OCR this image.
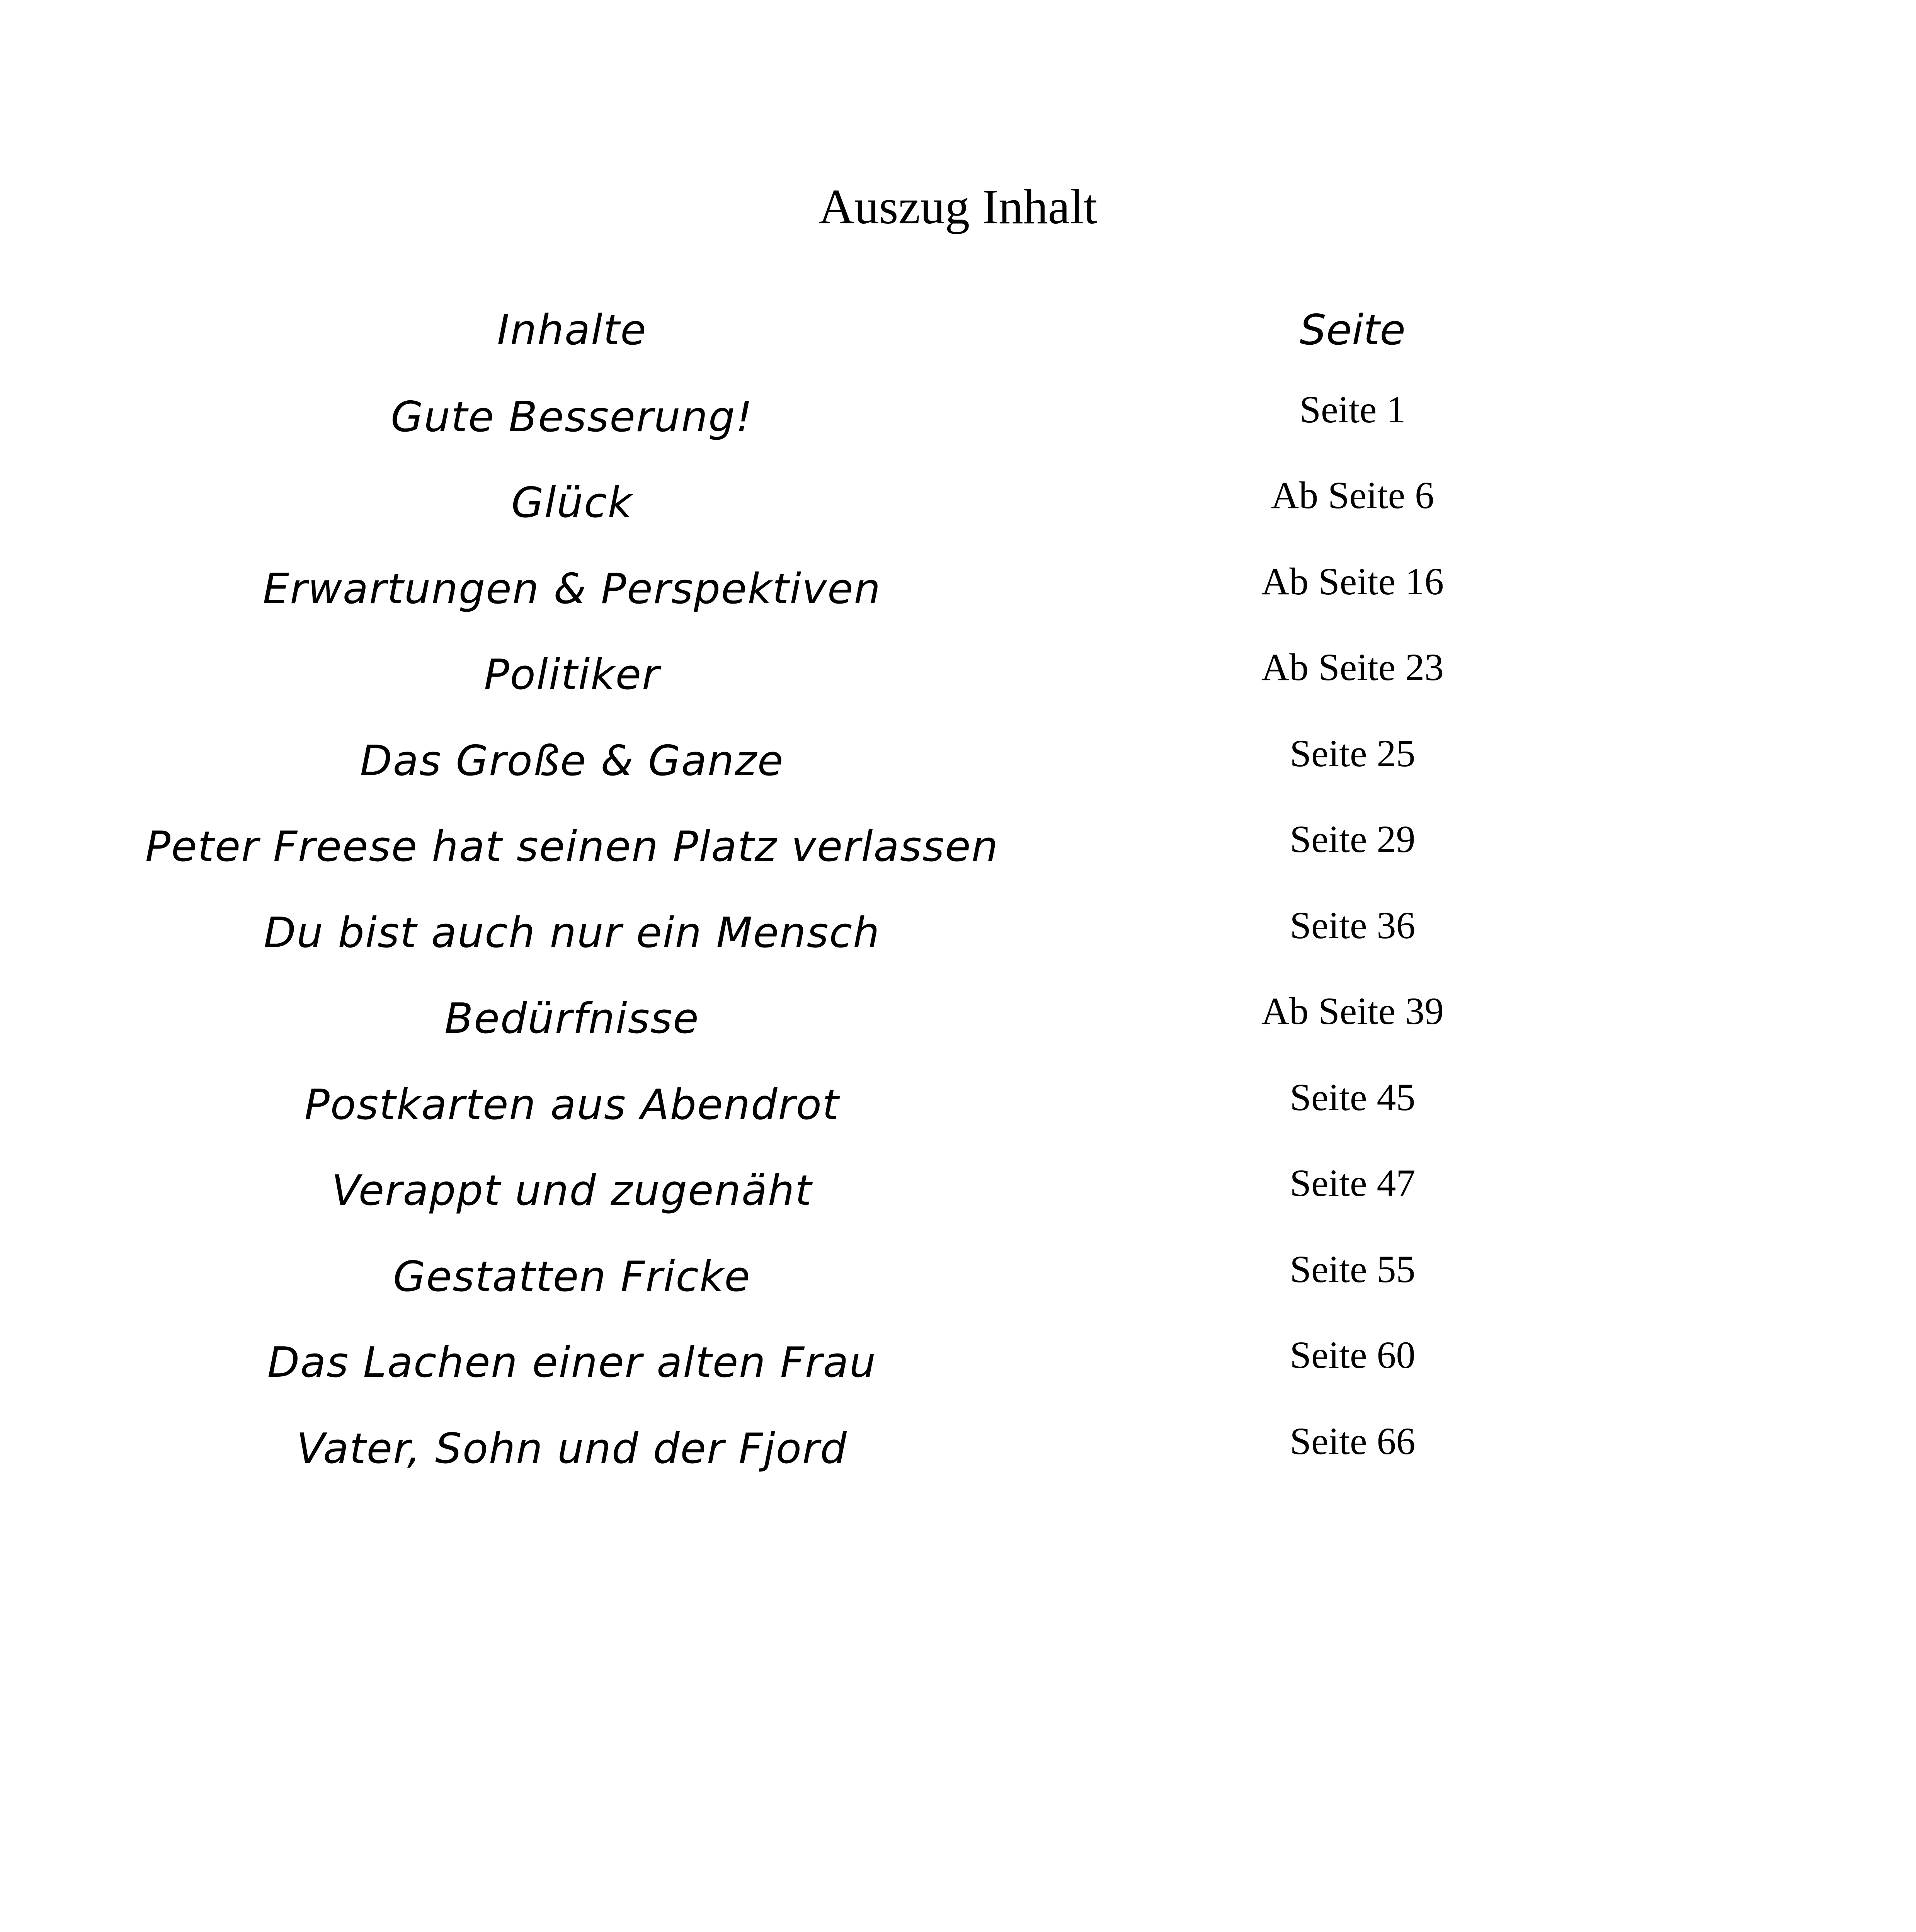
Auszug Inhalt
Inhalte	Seite
Gute Besserung!	Seite 1
Glück	Ab Seite 6
Erwartungen & Perspektiven	Ab Seite 16
Politiker	Ab Seite 23
Das Große & Ganze	Seite 25
Peter Freese hat seinen Platz verlassen	Seite 29
Du bist auch nur ein Mensch	Seite 36
Bedürfnisse	Ab Seite 39
Postkarten aus Abendrot	Seite 45
Verappt und zugenäht	Seite 47
Gestatten Fricke	Seite 55
Das Lachen einer alten Frau	Seite 60
Vater, Sohn und der Fjord	Seite 66
